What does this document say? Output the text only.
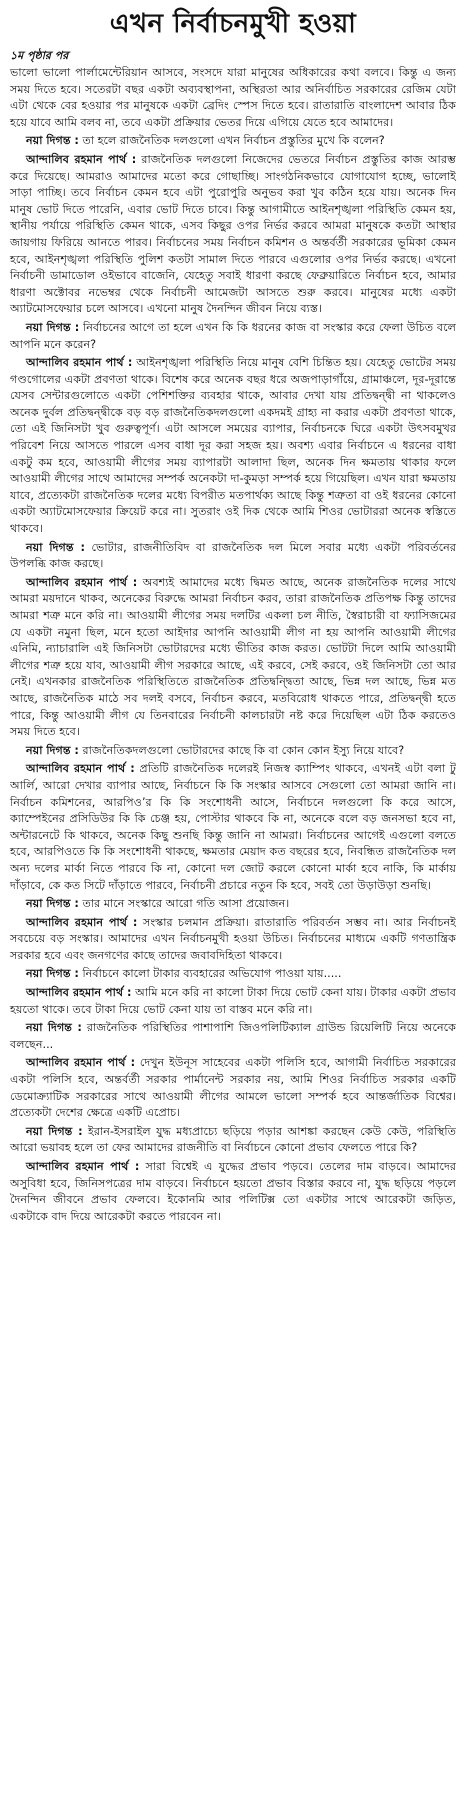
এখন নির্বাচনমুখী হওয়া
১ম পৃষ্ঠার পর

ভালো ভালো পার্লামেন্টেরিয়ান আসবে, সংসদে যারা মানুষের অধিকারের কথা বলবে। কিন্তু এ জন্য সময় দিতে হবে। সতেরটা বছর একটা অব্যবস্থাপনা, অস্থিরতা আর অনির্বাচিত সরকারের রেজিম যেটা এটা থেকে বের হওয়ার পর মানুষকে একটা ব্রেদিং স্পেস দিতে হবে। রাতারাতি বাংলাদেশ আবার ঠিক হয়ে যাবে আমি বলব না, তবে একটা প্রক্রিয়ার ভেতর দিয়ে এগিয়ে যেতে হবে আমাদের।

নয়া দিগন্ত : তা হলে রাজনৈতিক দলগুলো এখন নির্বাচন প্রস্তুতির মুখে কি বলেন?

আন্দালিব রহমান পার্থ : রাজনৈতিক দলগুলো নিজেদের ভেতরে নির্বাচন প্রস্তুতির কাজ আরম্ভ করে দিয়েছে। আমরাও আমাদের মতো করে গোছাচ্ছি। সাংগঠনিকভাবে যোগাযোগ হচ্ছে, ভালোই সাড়া পাচ্ছি। তবে নির্বাচন কেমন হবে এটা পুরোপুরি অনুভব করা খুব কঠিন হয়ে যায়। অনেক দিন মানুষ ভোট দিতে পারেনি, এবার ভোট দিতে চাবে। কিন্তু আগামীতে আইনশৃঙ্খলা পরিস্থিতি কেমন হয়, স্থানীয় পর্যায়ে পরিস্থিতি কেমন থাকে, এসব কিছুর ওপর নির্ভর করবে আমরা মানুষকে কতটা আস্থার জায়গায় ফিরিয়ে আনতে পারব। নির্বাচনের সময় নির্বাচন কমিশন ও অন্তর্বর্তী সরকারের ভূমিকা কেমন হবে, আইনশৃঙ্খলা পরিস্থিতি পুলিশ কতটা সামাল দিতে পারবে এগুলোর ওপর নির্ভর করছে। এখনো নির্বাচনী ডামাডোল ওইভাবে বাজেনি, যেহেতু সবাই ধারণা করছে ফেব্রুয়ারিতে নির্বাচন হবে, আমার ধারণা অক্টোবর নভেম্বর থেকে নির্বাচনী আমেজটা আসতে শুরু করবে। মানুষের মধ্যে একটা অ্যাটমোসফেয়ার চলে আসবে। এখনো মানুষ দৈনন্দিন জীবন নিয়ে ব্যস্ত।

নয়া দিগন্ত : নির্বাচনের আগে তা হলে এখন কি কি ধরনের কাজ বা সংস্কার করে ফেলা উচিত বলে আপনি মনে করেন?

আন্দালিব রহমান পার্থ : আইনশৃঙ্খলা পরিস্থিতি নিয়ে মানুষ বেশি চিন্তিত হয়। যেহেতু ভোটের সময় গণ্ডগোলের একটা প্রবণতা থাকে। বিশেষ করে অনেক বছর ধরে অজপাড়াগাঁয়ে, গ্রামাঞ্চলে, দূর-দূরান্তে যেসব সেন্টারগুলোতে একটা পেশিশক্তির ব্যবহার থাকে, আবার দেখা যায় প্রতিদ্বন্দ্বী না থাকলেও অনেক দুর্বল প্রতিদ্বন্দ্বীকে বড় বড় রাজনৈতিকদলগুলো একদমই গ্রাহ্য না করার একটা প্রবণতা থাকে, তো এই জিনিসটা খুব গুরুত্বপূর্ণ। এটা আসলে সময়ের ব্যাপার, নির্বাচনকে ঘিরে একটা উৎসবমুখর পরিবেশ নিয়ে আসতে পারলে এসব বাধা দূর করা সহজ হয়। অবশ্য এবার নির্বাচনে এ ধরনের বাধা একটু কম হবে, আওয়ামী লীগের সময় ব্যাপারটা আলাদা ছিল, অনেক দিন ক্ষমতায় থাকার ফলে আওয়ামী লীগের সাথে আমাদের সম্পর্ক অনেকটা দা-কুমড়া সম্পর্ক হয়ে গিয়েছিল। এখন যারা ক্ষমতায় যাবে, প্রত্যেকটা রাজনৈতিক দলের মধ্যে বিপরীত মতপার্থক্য আছে কিন্তু শত্রুতা বা ওই ধরনের কোনো একটা অ্যাটমোসফেয়ার ক্রিয়েট করে না। সুতরাং ওই দিক থেকে আমি শিওর ভোটাররা অনেক স্বস্তিতে থাকবে।

নয়া দিগন্ত : ভোটার, রাজনীতিবিদ বা রাজনৈতিক দল মিলে সবার মধ্যে একটা পরিবর্তনের উপলব্ধি কাজ করছে।

আন্দালিব রহমান পার্থ : অবশ্যই আমাদের মধ্যে দ্বিমত আছে, অনেক রাজনৈতিক দলের সাথে আমরা ময়দানে থাকব, অনেকের বিরুদ্ধে আমরা নির্বাচন করব, তারা রাজনৈতিক প্রতিপক্ষ কিন্তু তাদের আমরা শত্রু মনে করি না। আওয়ামী লীগের সময় দলটির একলা চল নীতি, স্বৈরাচারী বা ফ্যাসিজমের যে একটা নমুনা ছিল, মনে হতো আইদার আপনি আওয়ামী লীগ না হয় আপনি আওয়ামী লীগের এনিমি, ন্যাচারালি এই জিনিসটা ভোটারদের মধ্যে ভীতির কাজ করত। ভোটটা দিলে আমি আওয়ামী লীগের শত্রু হয়ে যাব, আওয়ামী লীগ সরকারে আছে, এই করবে, সেই করবে, ওই জিনিসটা তো আর নেই। এখনকার রাজনৈতিক পরিস্থিতিতে রাজনৈতিক প্রতিদ্বন্দ্বিতা আছে, ভিন্ন দল আছে, ভিন্ন মত আছে, রাজনৈতিক মাঠে সব দলই বসবে, নির্বাচন করবে, মতবিরোধ থাকতে পারে, প্রতিদ্বন্দ্বী হতে পারে, কিন্তু আওয়ামী লীগ যে তিনবারের নির্বাচনী কালচারটা নষ্ট করে দিয়েছিল এটা ঠিক করতেও সময় দিতে হবে।

নয়া দিগন্ত : রাজনৈতিকদলগুলো ভোটারদের কাছে কি বা কোন কোন ইস্যু নিয়ে যাবে?

আন্দালিব রহমান পার্থ : প্রতিটি রাজনৈতিক দলেরই নিজস্ব ক্যাম্পিং থাকবে, এখনই এটা বলা টু আর্লি, আরো দেখার ব্যাপার আছে, নির্বাচনে কি কি সংস্কার আসবে সেগুলো তো আমরা জানি না। নির্বাচন কমিশনের, আরপিও’র কি কি সংশোধনী আসে, নির্বাচনে দলগুলো কি করে আসে, ক্যাম্পেইনের প্রসিডিউর কি কি চেঞ্জ হয়, পোস্টার থাকবে কি না, অনেকে বলে বড় জনসভা হবে না, অন্টারনেটে কি থাকবে, অনেক কিছু শুনছি কিন্তু জানি না আমরা। নির্বাচনের আগেই এগুলো বলতে হবে, আরপিওতে কি কি সংশোধনী থাকছে, ক্ষমতার মেয়াদ কত বছরের হবে, নিবন্ধিত রাজনৈতিক দল অন্য দলের মার্কা নিতে পারবে কি না, কোনো দল জোট করলে কোনো মার্কা হবে নাকি, কি মার্কায় দাঁড়াবে, কে কত সিটে দাঁড়াতে পারবে, নির্বাচনী প্রচারে নতুন কি হবে, সবই তো উড়াউড়া শুনছি।

নয়া দিগন্ত : তার মানে সংস্কারে আরো গতি আসা প্রয়োজন।

আন্দালিব রহমান পার্থ : সংস্কার চলমান প্রক্রিয়া। রাতারাতি পরিবর্তন সম্ভব না। আর নির্বাচনই সবচেয়ে বড় সংস্কার। আমাদের এখন নির্বাচনমুখী হওয়া উচিত। নির্বাচনের মাধ্যমে একটি গণতান্ত্রিক সরকার হবে এবং জনগণের কাছে তাদের জবাবদিহিতা থাকবে।

নয়া দিগন্ত : নির্বাচনে কালো টাকার ব্যবহারের অভিযোগ পাওয়া যায়.....

আন্দালিব রহমান পার্থ : আমি মনে করি না কালো টাকা দিয়ে ভোট কেনা যায়। টাকার একটা প্রভাব হয়তো থাকে। তবে টাকা দিয়ে ভোট কেনা যায় তা বাস্তব মনে করি না।

নয়া দিগন্ত : রাজনৈতিক পরিস্থিতির পাশাপাশি জিওপলিটিক্যাল গ্রাউন্ড রিয়েলিটি নিয়ে অনেকে বলছেন...

আন্দালিব রহমান পার্থ : দেখুন ইউনূস সাহেবের একটা পলিসি হবে, আগামী নির্বাচিত সরকারের একটা পলিসি হবে, অন্তর্বর্তী সরকার পার্মানেন্ট সরকার নয়, আমি শিওর নির্বাচিত সরকার একটি ডেমোক্র্যাটিক সরকারের সাথে আওয়ামী লীগের আমলে ভালো সম্পর্ক হবে আন্তর্জাতিক বিশ্বের। প্রত্যেকটা দেশের ক্ষেত্রে একটি এপ্রোচ।

নয়া দিগন্ত : ইরান-ইসরাইল যুদ্ধ মধ্যপ্রাচ্যে ছড়িয়ে পড়ার আশঙ্কা করছেন কেউ কেউ, পরিস্থিতি আরো ভয়াবহ হলে তা ফের আমাদের রাজনীতি বা নির্বাচনে কোনো প্রভাব ফেলতে পারে কি?

আন্দালিব রহমান পার্থ : সারা বিশ্বেই এ যুদ্ধের প্রভাব পড়বে। তেলের দাম বাড়বে। আমাদের অসুবিধা হবে, জিনিসপত্রের দাম বাড়বে। নির্বাচনে হয়তো প্রভাব বিস্তার করবে না, যুদ্ধ ছড়িয়ে পড়লে দৈনন্দিন জীবনে প্রভাব ফেলবে। ইকোনমি আর পলিটিক্স তো একটার সাথে আরেকটা জড়িত, একটাকে বাদ দিয়ে আরেকটা করতে পারবেন না।
